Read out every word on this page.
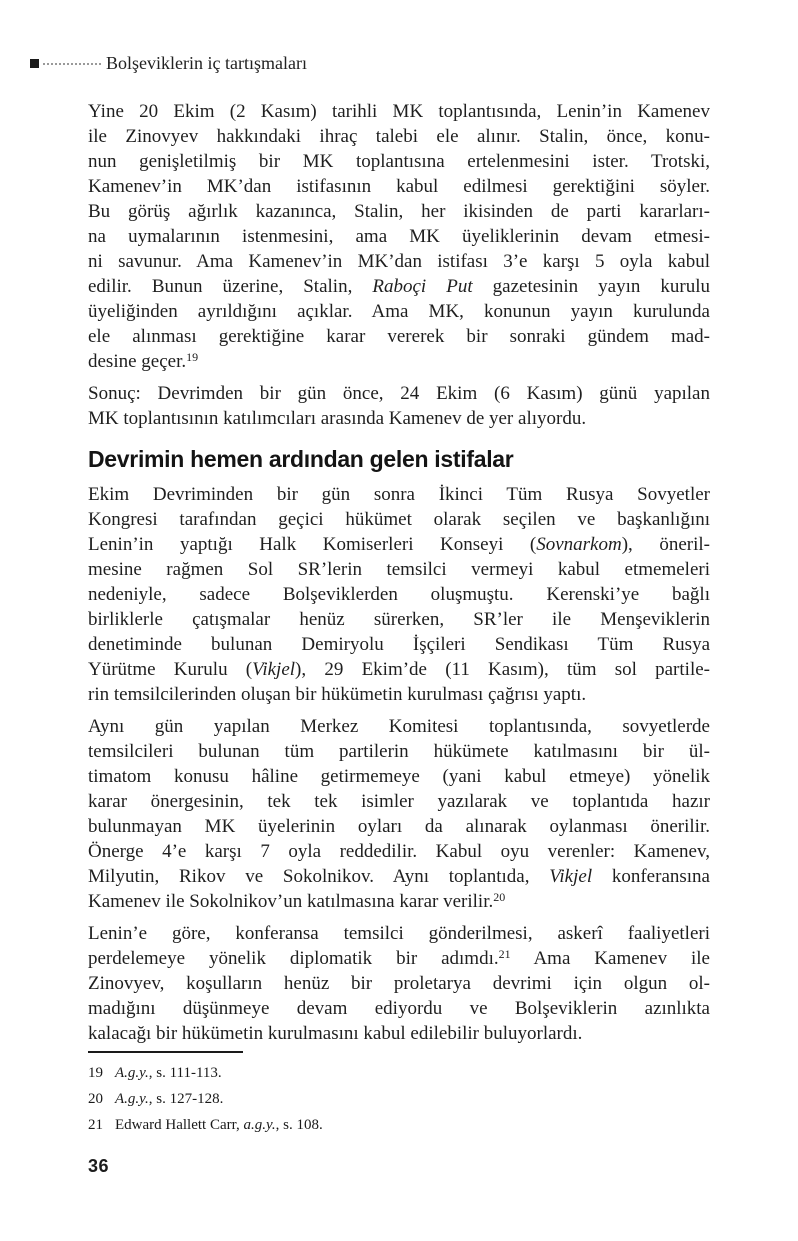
Bolşeviklerin iç tartışmaları
Yine 20 Ekim (2 Kasım) tarihli MK toplantısında, Lenin’in Kamenev
ile Zinovyev hakkındaki ihraç talebi ele alınır. Stalin, önce, konu-
nun genişletilmiş bir MK toplantısına ertelenmesini ister. Trotski,
Kamenev’in MK’dan istifasının kabul edilmesi gerektiğini söyler.
Bu görüş ağırlık kazanınca, Stalin, her ikisinden de parti kararları-
na uymalarının istenmesini, ama MK üyeliklerinin devam etmesi-
ni savunur. Ama Kamenev’in MK’dan istifası 3’e karşı 5 oyla kabul
edilir. Bunun üzerine, Stalin, Raboçi Put gazetesinin yayın kurulu
üyeliğinden ayrıldığını açıklar. Ama MK, konunun yayın kurulunda
ele alınması gerektiğine karar vererek bir sonraki gündem mad-
desine geçer.$^{19}$
Sonuç: Devrimden bir gün önce, 24 Ekim (6 Kasım) günü yapılan
MK toplantısının katılımcıları arasında Kamenev de yer alıyordu.
Devrimin hemen ardından gelen istifalar
Ekim Devriminden bir gün sonra İkinci Tüm Rusya Sovyetler
Kongresi tarafından geçici hükümet olarak seçilen ve başkanlığını
Lenin’in yaptığı Halk Komiserleri Konseyi (Sovnarkom), öneril-
mesine rağmen Sol SR’lerin temsilci vermeyi kabul etmemeleri
nedeniyle, sadece Bolşeviklerden oluşmuştu. Kerenski’ye bağlı
birliklerle çatışmalar henüz sürerken, SR’ler ile Menşeviklerin
denetiminde bulunan Demiryolu İşçileri Sendikası Tüm Rusya
Yürütme Kurulu (Vikjel), 29 Ekim’de (11 Kasım), tüm sol partile-
rin temsilcilerinden oluşan bir hükümetin kurulması çağrısı yaptı.
Aynı gün yapılan Merkez Komitesi toplantısında, sovyetlerde
temsilcileri bulunan tüm partilerin hükümete katılmasını bir ül-
timatom konusu hâline getirmemeye (yani kabul etmeye) yönelik
karar önergesinin, tek tek isimler yazılarak ve toplantıda hazır
bulunmayan MK üyelerinin oyları da alınarak oylanması önerilir.
Önerge 4’e karşı 7 oyla reddedilir. Kabul oyu verenler: Kamenev,
Milyutin, Rikov ve Sokolnikov. Aynı toplantıda, Vikjel konferansına
Kamenev ile Sokolnikov’un katılmasına karar verilir.$^{20}$
Lenin’e göre, konferansa temsilci gönderilmesi, askerî faaliyetleri
perdelemeye yönelik diplomatik bir adımdı.$^{21}$ Ama Kamenev ile
Zinovyev, koşulların henüz bir proletarya devrimi için olgun ol-
madığını düşünmeye devam ediyordu ve Bolşeviklerin azınlıkta
kalacağı bir hükümetin kurulmasını kabul edilebilir buluyorlardı.
19 A.g.y., s. 111-113.
20 A.g.y., s. 127-128.
21 Edward Hallett Carr, a.g.y., s. 108.
36
